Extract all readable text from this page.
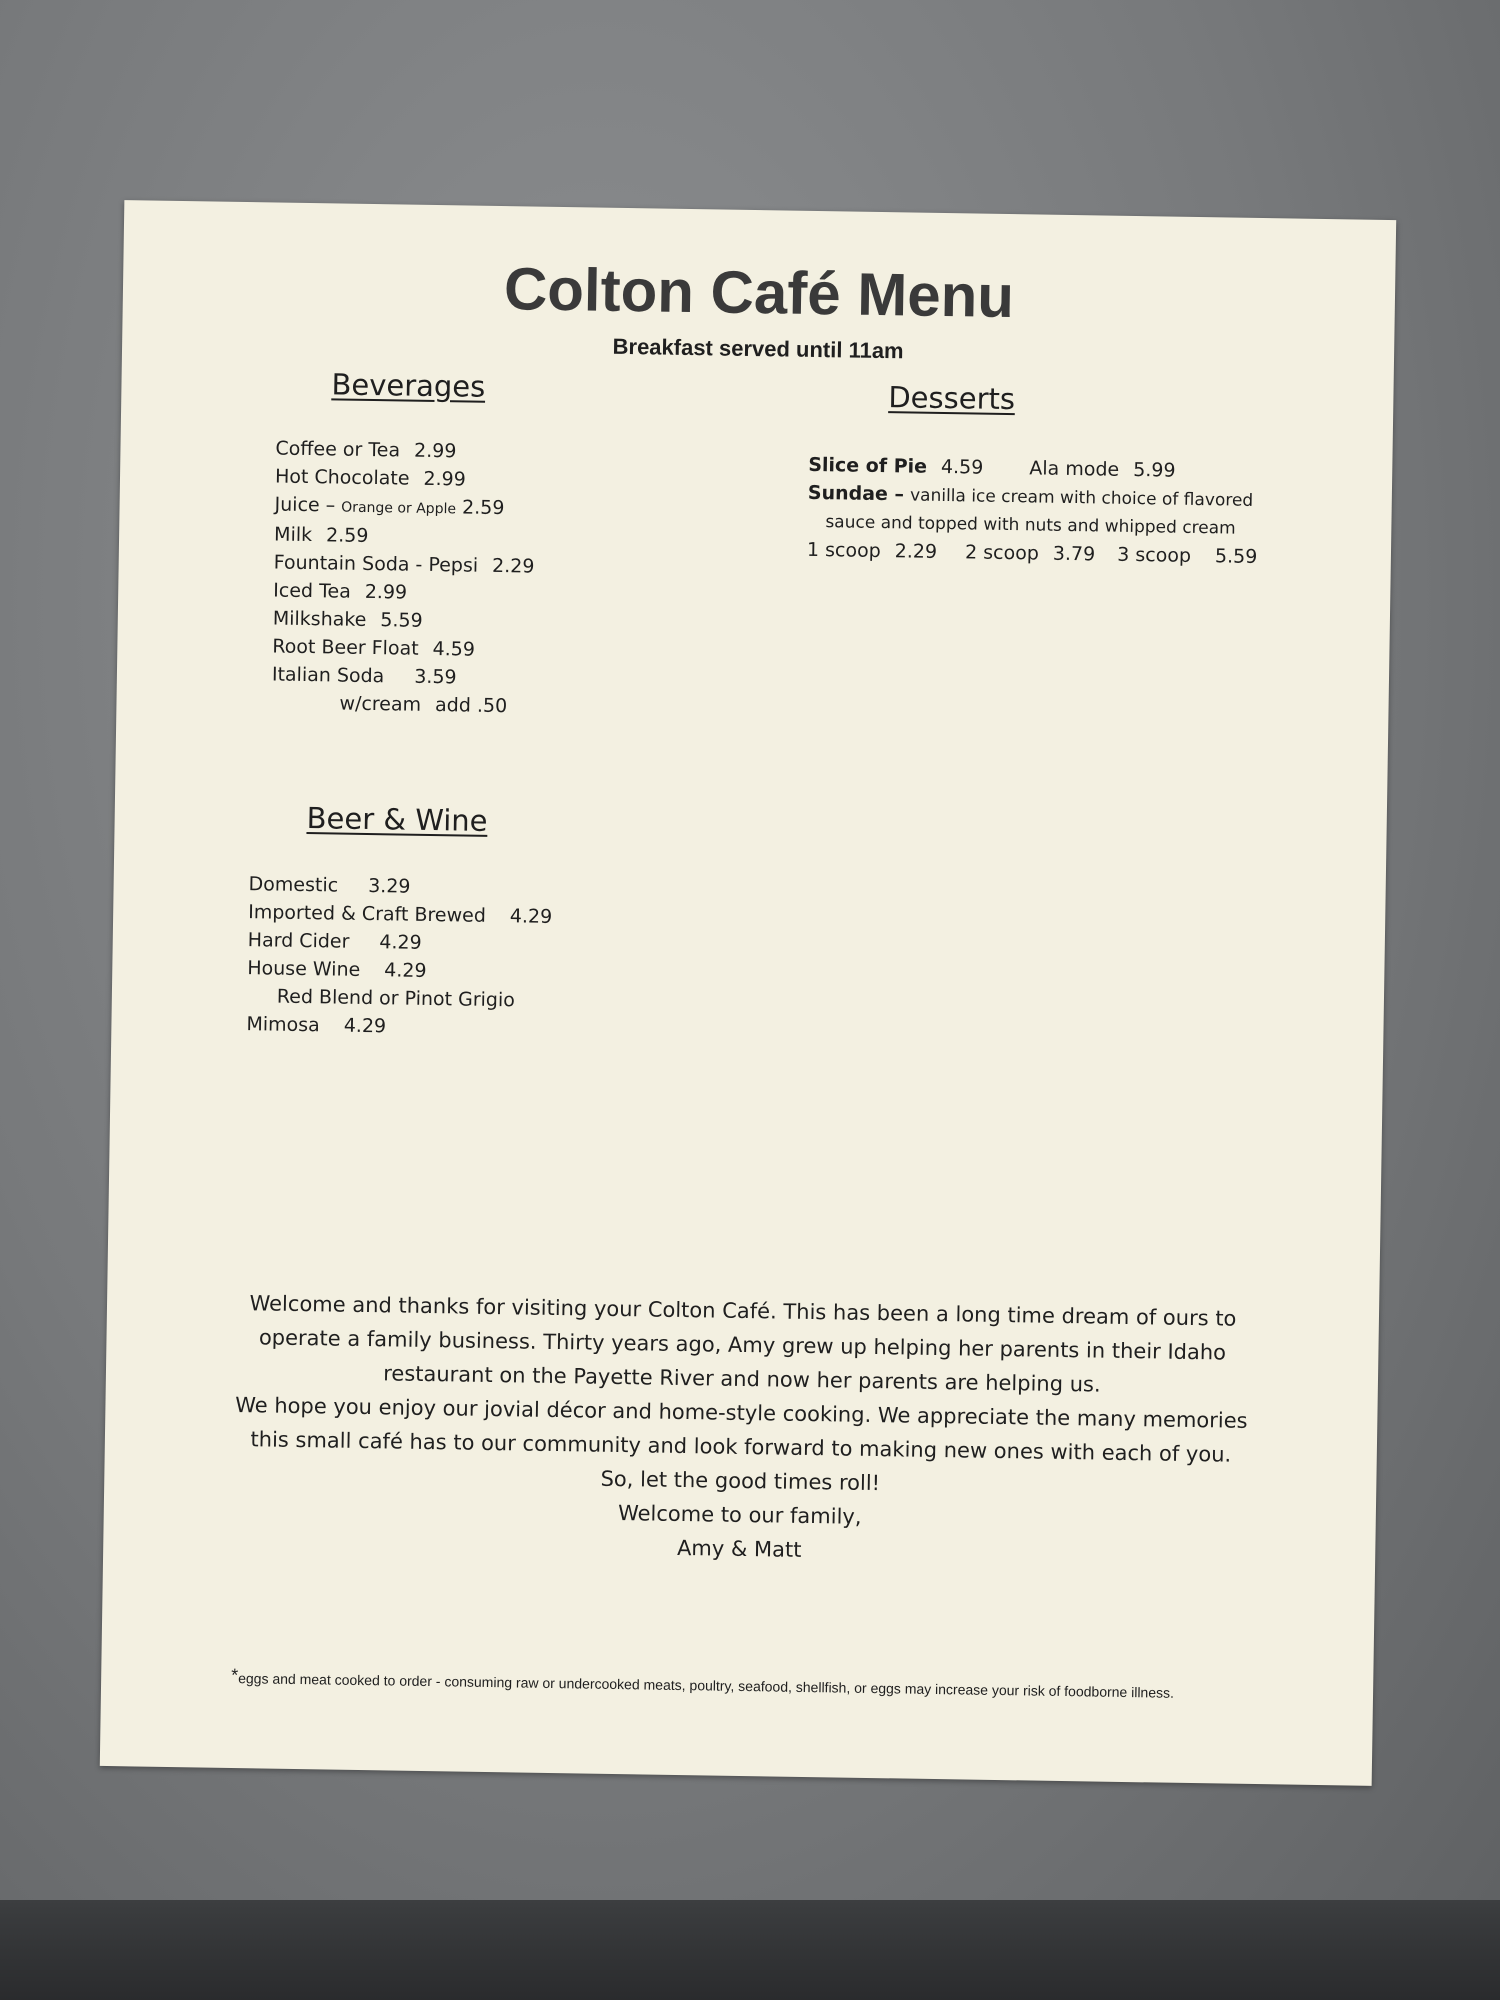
Colton Café Menu
Breakfast served until 11am
Beverages
Coffee or Tea 2.99
Hot Chocolate 2.99
Juice – Orange or Apple 2.59
Milk 2.59
Fountain Soda - Pepsi 2.29
Iced Tea 2.99
Milkshake 5.59
Root Beer Float 4.59
Italian Soda 3.59
w/cream add .50
Beer & Wine
Domestic 3.29
Imported & Craft Brewed 4.29
Hard Cider 4.29
House Wine 4.29
Red Blend or Pinot Grigio
Mimosa 4.29
Desserts
Slice of Pie 4.59 Ala mode 5.99
Sundae – vanilla ice cream with choice of flavored
sauce and topped with nuts and whipped cream
1 scoop 2.29 2 scoop 3.79 3 scoop 5.59
Welcome and thanks for visiting your Colton Café. This has been a long time dream of ours to
operate a family business. Thirty years ago, Amy grew up helping her parents in their Idaho
restaurant on the Payette River and now her parents are helping us.
We hope you enjoy our jovial décor and home-style cooking. We appreciate the many memories
this small café has to our community and look forward to making new ones with each of you.
So, let the good times roll!
Welcome to our family,
Amy & Matt
*eggs and meat cooked to order - consuming raw or undercooked meats, poultry, seafood, shellfish, or eggs may increase your risk of foodborne illness.
